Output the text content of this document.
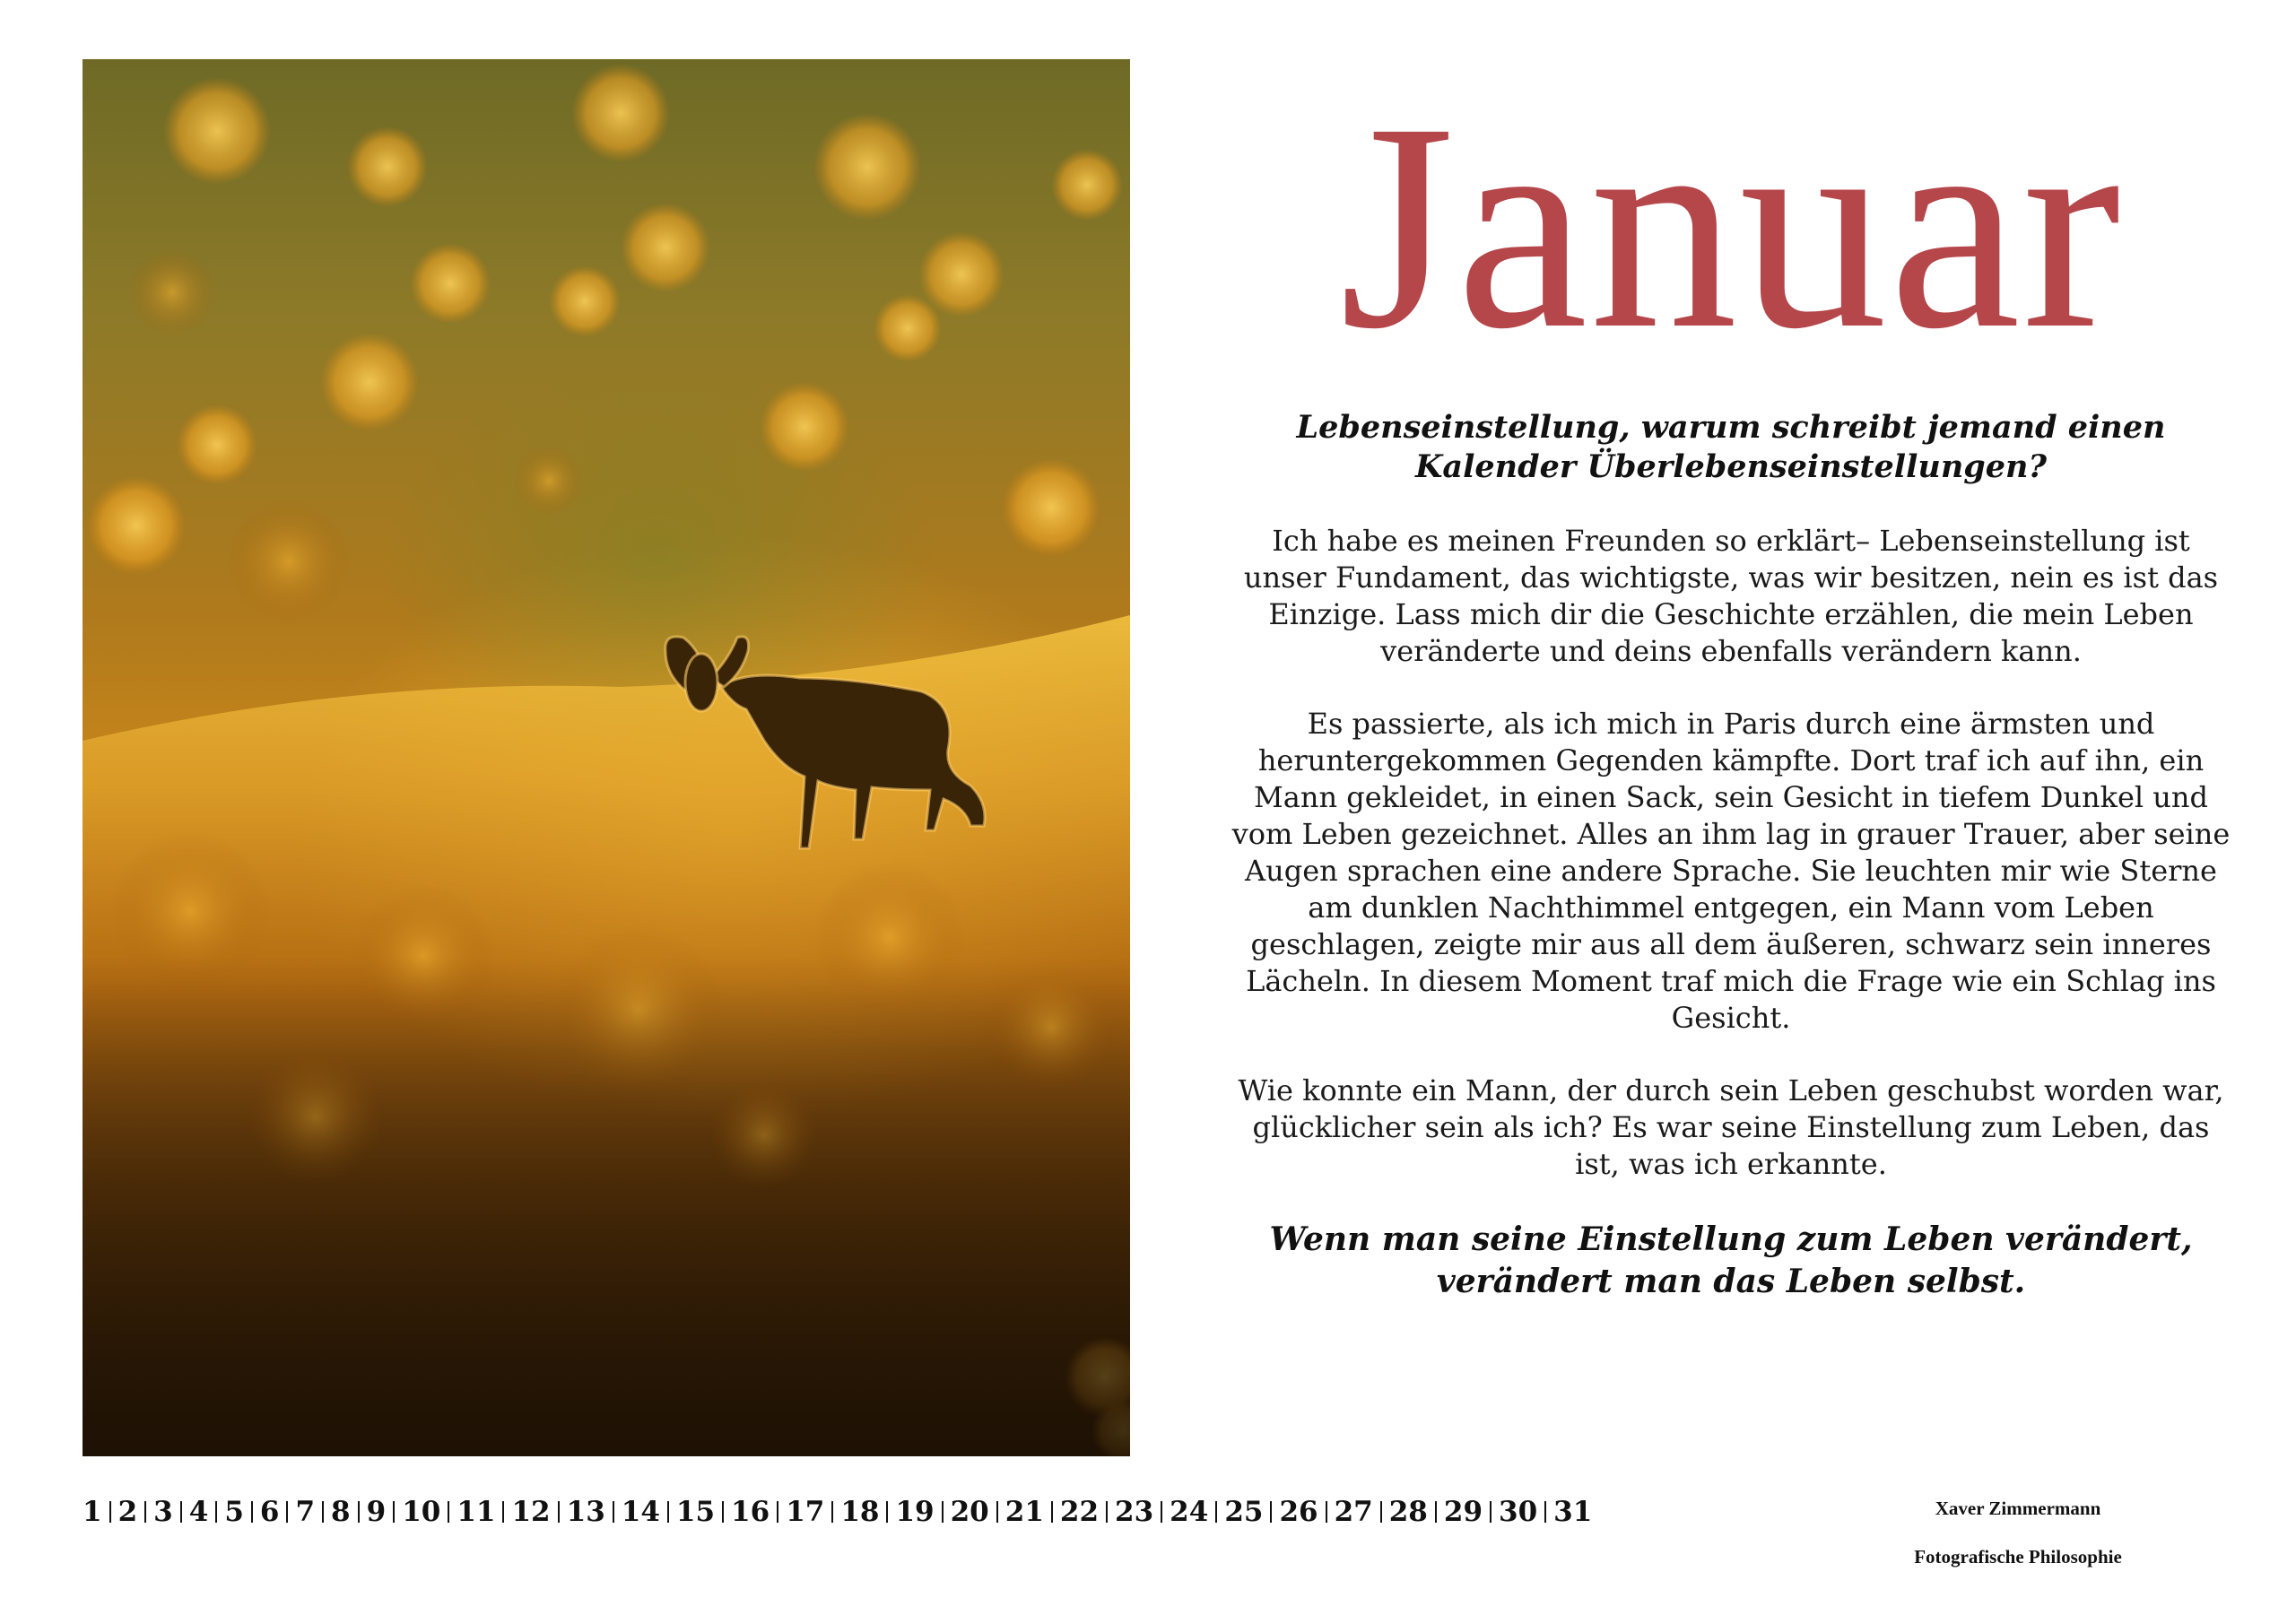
Januar

Lebenseinstellung, warum schreibt jemand einen Kalender Überlebenseinstellungen?

Ich habe es meinen Freunden so erklärt– Lebenseinstellung ist unser Fundament, das wichtigste, was wir besitzen, nein es ist das Einzige. Lass mich dir die Geschichte erzählen, die mein Leben veränderte und deins ebenfalls verändern kann.

Es passierte, als ich mich in Paris durch eine ärmsten und heruntergekommen Gegenden kämpfte. Dort traf ich auf ihn, ein Mann gekleidet, in einen Sack, sein Gesicht in tiefem Dunkel und vom Leben gezeichnet. Alles an ihm lag in grauer Trauer, aber seine Augen sprachen eine andere Sprache. Sie leuchten mir wie Sterne am dunklen Nachthimmel entgegen, ein Mann vom Leben geschlagen, zeigte mir aus all dem äußeren, schwarz sein inneres Lächeln. In diesem Moment traf mich die Frage wie ein Schlag ins Gesicht.

Wie konnte ein Mann, der durch sein Leben geschubst worden war, glücklicher sein als ich? Es war seine Einstellung zum Leben, das ist, was ich erkannte.

Wenn man seine Einstellung zum Leben verändert,
verändert man das Leben selbst.

1 2 3 4 5 6 7 8 9 10 11 12 13 14 15 16 17 18 19 20 21 22 23 24 25 26 27 28 29 30 31	Xaver Zimmermann
Fotografische Philosophie
